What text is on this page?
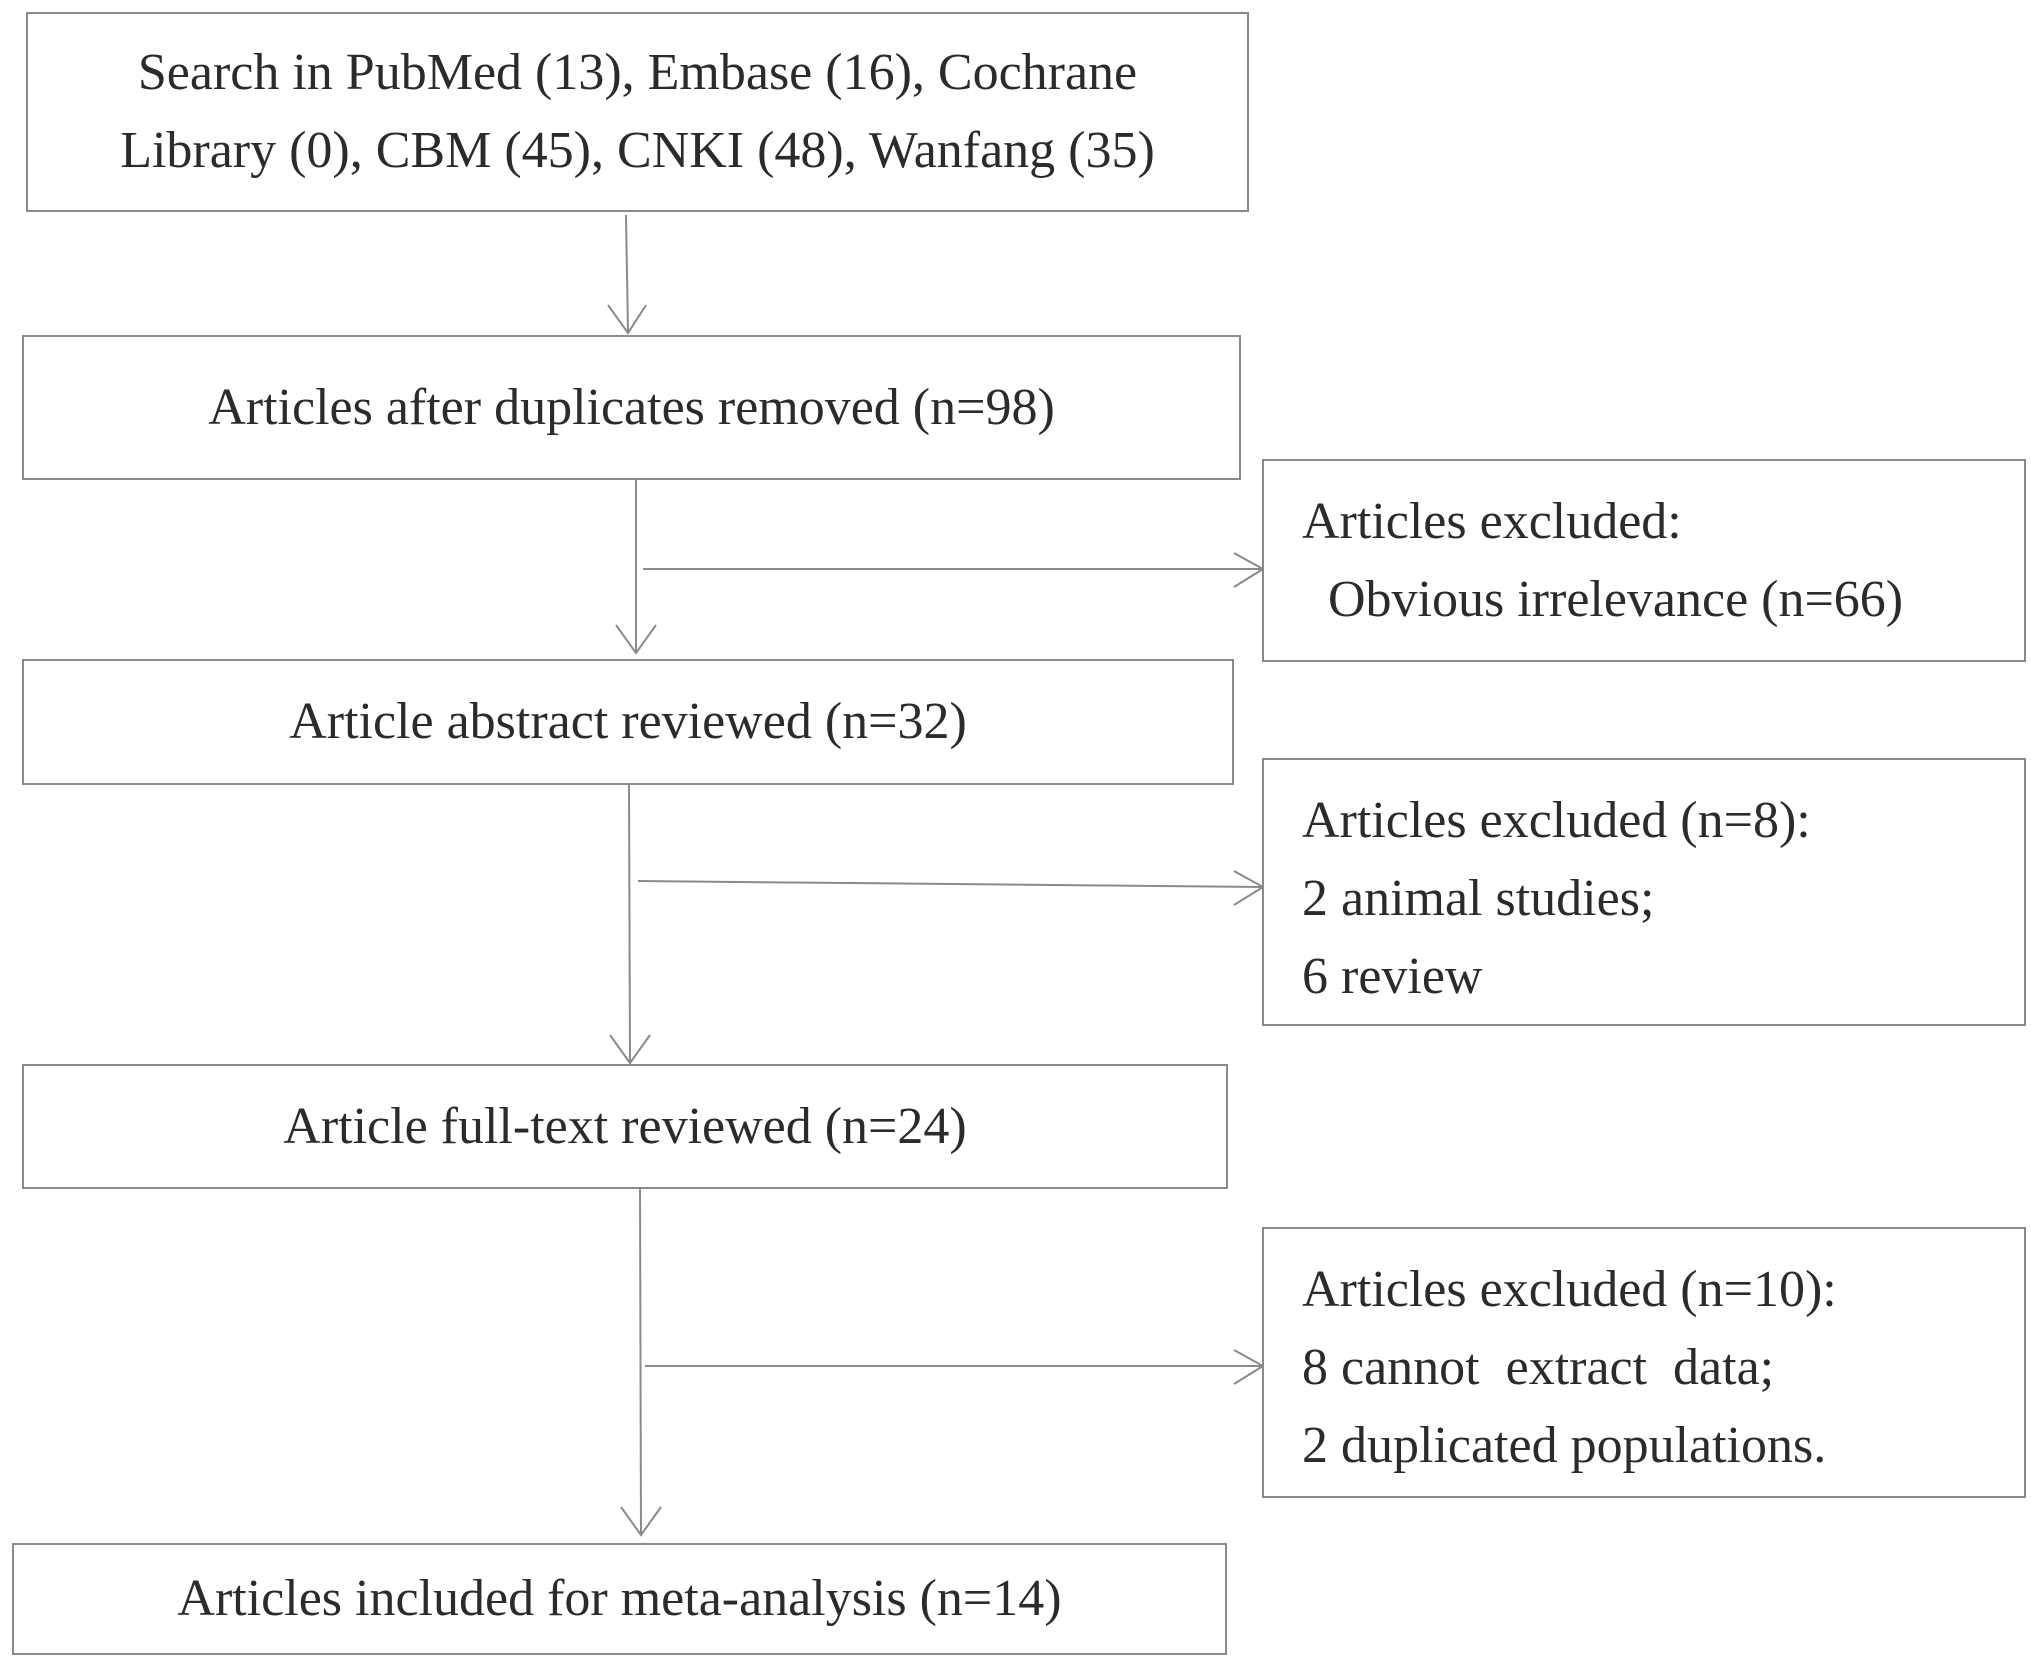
Search in PubMed (13), Embase (16), Cochrane
Library (0), CBM (45), CNKI (48), Wanfang (35)
Articles after duplicates removed (n=98)
Articles excluded:
Obvious irrelevance (n=66)
Article abstract reviewed (n=32)
Articles excluded (n=8):
2 animal studies;
6 review
Article full-text reviewed (n=24)
Articles excluded (n=10):
8 cannot  extract  data;
2 duplicated populations.
Articles included for meta-analysis (n=14)
